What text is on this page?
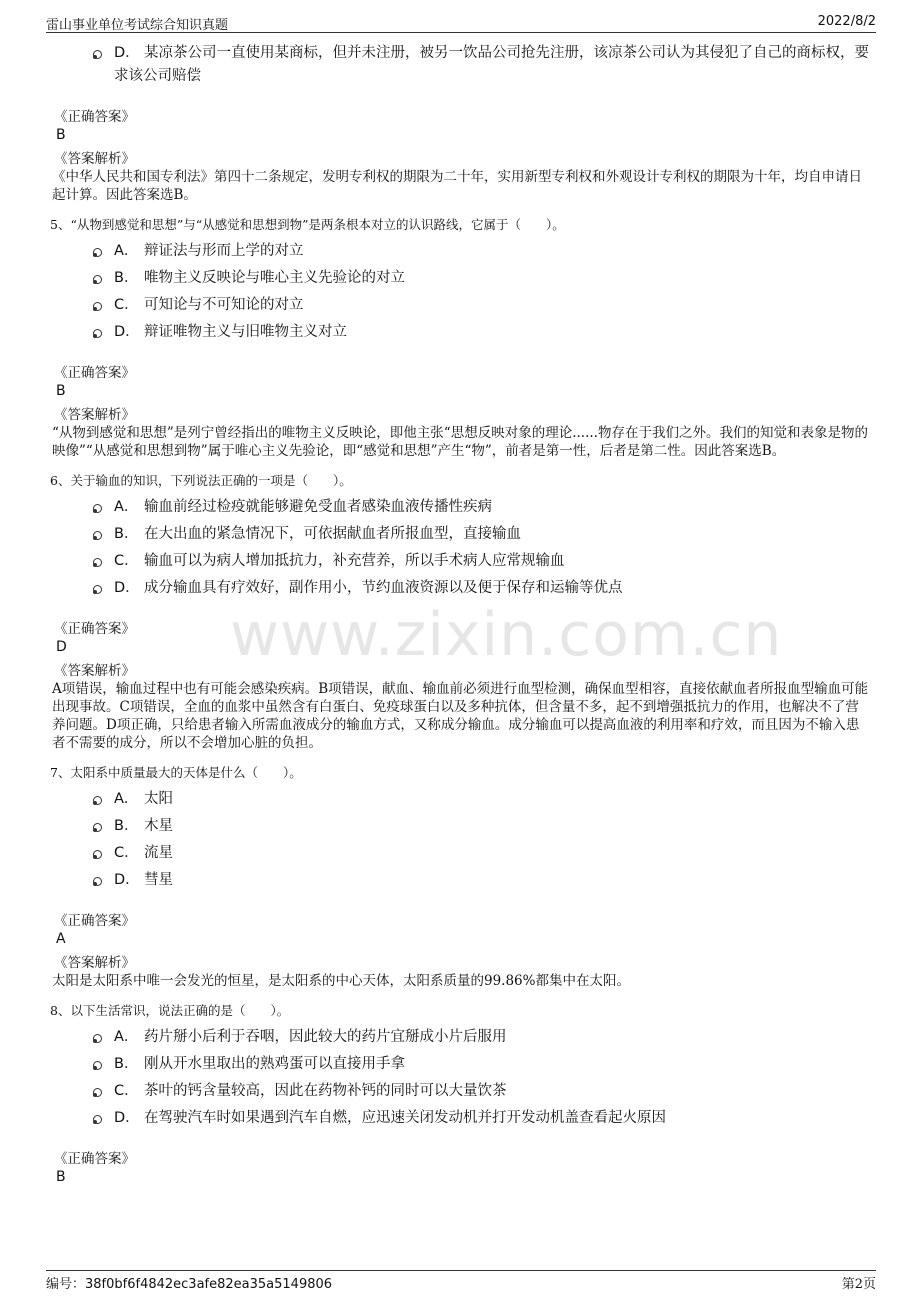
雷山事业单位考试综合知识真题	2022/8/2
www.zixin.com.cn
D． 某凉茶公司一直使用某商标，但并未注册，被另一饮品公司抢先注册，该凉茶公司认为其侵犯了自己的商标权，要求该公司赔偿
《正确答案》
B
《答案解析》
《中华人民共和国专利法》第四十二条规定，发明专利权的期限为二十年，实用新型专利权和外观设计专利权的期限为十年，均自申请日起计算。因此答案选B。
5、“从物到感觉和思想”与“从感觉和思想到物”是两条根本对立的认识路线，它属于（　　）。
A． 辩证法与形而上学的对立
B． 唯物主义反映论与唯心主义先验论的对立
C． 可知论与不可知论的对立
D． 辩证唯物主义与旧唯物主义对立
《正确答案》
B
《答案解析》
“从物到感觉和思想”是列宁曾经指出的唯物主义反映论，即他主张“思想反映对象的理论......物存在于我们之外。我们的知觉和表象是物的映像”“从感觉和思想到物”属于唯心主义先验论，即“感觉和思想”产生“物”，前者是第一性，后者是第二性。因此答案选B。
6、关于输血的知识，下列说法正确的一项是（　　）。
A． 输血前经过检疫就能够避免受血者感染血液传播性疾病
B． 在大出血的紧急情况下，可依据献血者所报血型，直接输血
C． 输血可以为病人增加抵抗力，补充营养，所以手术病人应常规输血
D． 成分输血具有疗效好，副作用小，节约血液资源以及便于保存和运输等优点
《正确答案》
D
《答案解析》
A项错误，输血过程中也有可能会感染疾病。B项错误，献血、输血前必须进行血型检测，确保血型相容，直接依献血者所报血型输血可能出现事故。C项错误，全血的血浆中虽然含有白蛋白、免疫球蛋白以及多种抗体，但含量不多，起不到增强抵抗力的作用，也解决不了营养问题。D项正确，只给患者输入所需血液成分的输血方式，又称成分输血。成分输血可以提高血液的利用率和疗效，而且因为不输入患者不需要的成分，所以不会增加心脏的负担。
7、太阳系中质量最大的天体是什么（　　）。
A． 太阳
B． 木星
C． 流星
D． 彗星
《正确答案》
A
《答案解析》
太阳是太阳系中唯一会发光的恒星，是太阳系的中心天体，太阳系质量的99.86%都集中在太阳。
8、以下生活常识，说法正确的是（　　）。
A． 药片掰小后利于吞咽，因此较大的药片宜掰成小片后服用
B． 刚从开水里取出的熟鸡蛋可以直接用手拿
C． 茶叶的钙含量较高，因此在药物补钙的同时可以大量饮茶
D． 在驾驶汽车时如果遇到汽车自燃，应迅速关闭发动机并打开发动机盖查看起火原因
《正确答案》
B
编号：38f0bf6f4842ec3afe82ea35a5149806	第2页
